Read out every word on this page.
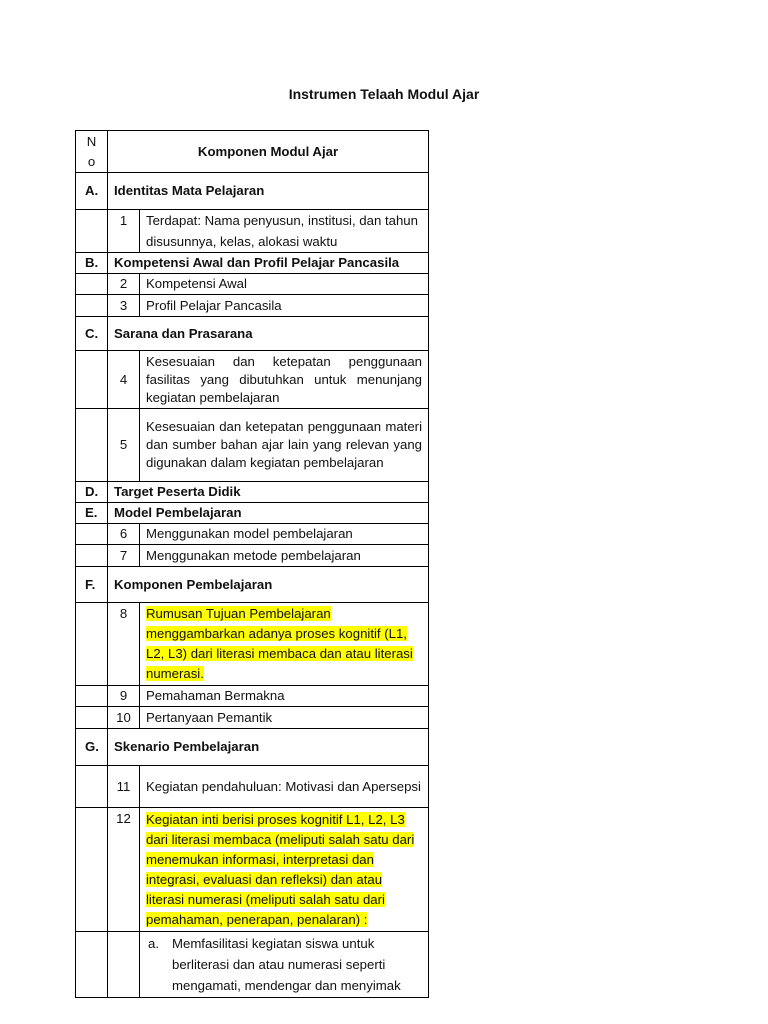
Instrumen Telaah Modul Ajar
N
o	Komponen Modul Ajar	
A.	Identitas Mata Pelajaran	
	1	Terdapat: Nama penyusun, institusi, dan tahun disusunnya, kelas, alokasi waktu
B.	Kompetensi Awal dan Profil Pelajar Pancasila	
	2	Kompetensi Awal
	3	Profil Pelajar Pancasila
C.	Sarana dan Prasarana	
	4	Kesesuaian dan ketepatan penggunaan fasilitas yang dibutuhkan untuk menunjang kegiatan pembelajaran
	5	Kesesuaian dan ketepatan penggunaan materi dan sumber bahan ajar lain yang relevan yang digunakan dalam kegiatan pembelajaran
D.	Target Peserta Didik	
E.	Model Pembelajaran	
	6	Menggunakan model pembelajaran
	7	Menggunakan metode pembelajaran
F.	Komponen Pembelajaran	
	8	Rumusan Tujuan Pembelajaran menggambarkan adanya proses kognitif (L1, L2, L3) dari literasi membaca dan atau literasi numerasi.
	9	Pemahaman Bermakna
	10	Pertanyaan Pemantik
G.	Skenario Pembelajaran	
	11	Kegiatan pendahuluan: Motivasi dan Apersepsi
	12	Kegiatan inti berisi proses kognitif L1, L2, L3 dari literasi membaca (meliputi salah satu dari menemukan informasi, interpretasi dan integrasi, evaluasi dan refleksi) dan atau literasi numerasi (meliputi salah satu dari pemahaman, penerapan, penalaran) :

		a. Memfasilitasi kegiatan siswa untuk berliterasi dan atau numerasi seperti mengamati, mendengar dan menyimak
